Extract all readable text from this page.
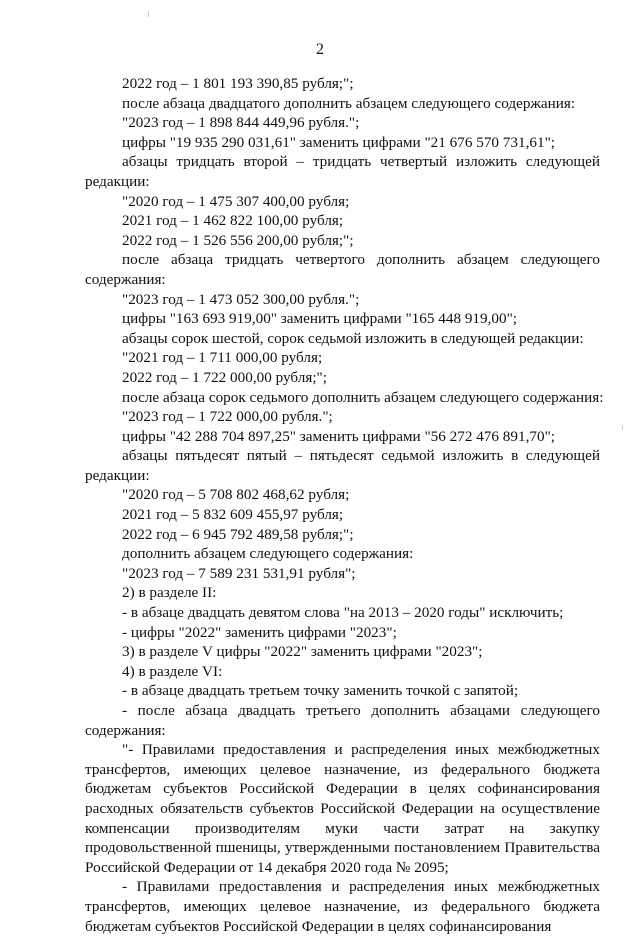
2

2022 год – 1 801 193 390,85 рубля;";

после абзаца двадцатого дополнить абзацем следующего содержания:

"2023 год – 1 898 844 449,96 рубля.";

цифры "19 935 290 031,61" заменить цифрами "21 676 570 731,61";

абзацы тридцать второй – тридцать четвертый изложить следующей редакции:

"2020 год – 1 475 307 400,00 рубля;

2021 год – 1 462 822 100,00 рубля;

2022 год – 1 526 556 200,00 рубля;";

после абзаца тридцать четвертого дополнить абзацем следующего содержания:

"2023 год – 1 473 052 300,00 рубля.";

цифры "163 693 919,00" заменить цифрами "165 448 919,00";

абзацы сорок шестой, сорок седьмой изложить в следующей редакции:

"2021 год – 1 711 000,00 рубля;

2022 год – 1 722 000,00 рубля;";

после абзаца сорок седьмого дополнить абзацем следующего содержания:

"2023 год – 1 722 000,00 рубля.";

цифры "42 288 704 897,25" заменить цифрами "56 272 476 891,70";

абзацы пятьдесят пятый – пятьдесят седьмой изложить в следующей редакции:

"2020 год – 5 708 802 468,62 рубля;

2021 год – 5 832 609 455,97 рубля;

2022 год – 6 945 792 489,58 рубля;";

дополнить абзацем следующего содержания:

"2023 год – 7 589 231 531,91 рубля";

2) в разделе II:

- в абзаце двадцать девятом слова "на 2013 – 2020 годы" исключить;

- цифры "2022" заменить цифрами "2023";

3) в разделе V цифры "2022" заменить цифрами "2023";

4) в разделе VI:

- в абзаце двадцать третьем точку заменить точкой с запятой;

- после абзаца двадцать третьего дополнить абзацами следующего содержания:

"- Правилами предоставления и распределения иных межбюджетных трансфертов, имеющих целевое назначение, из федерального бюджета бюджетам субъектов Российской Федерации в целях софинансирования расходных обязательств субъектов Российской Федерации на осуществление компенсации производителям муки части затрат на закупку продовольственной пшеницы, утвержденными постановлением Правительства Российской Федерации от 14 декабря 2020 года № 2095;

- Правилами предоставления и распределения иных межбюджетных трансфертов, имеющих целевое назначение, из федерального бюджета бюджетам субъектов Российской Федерации в целях софинансирования
